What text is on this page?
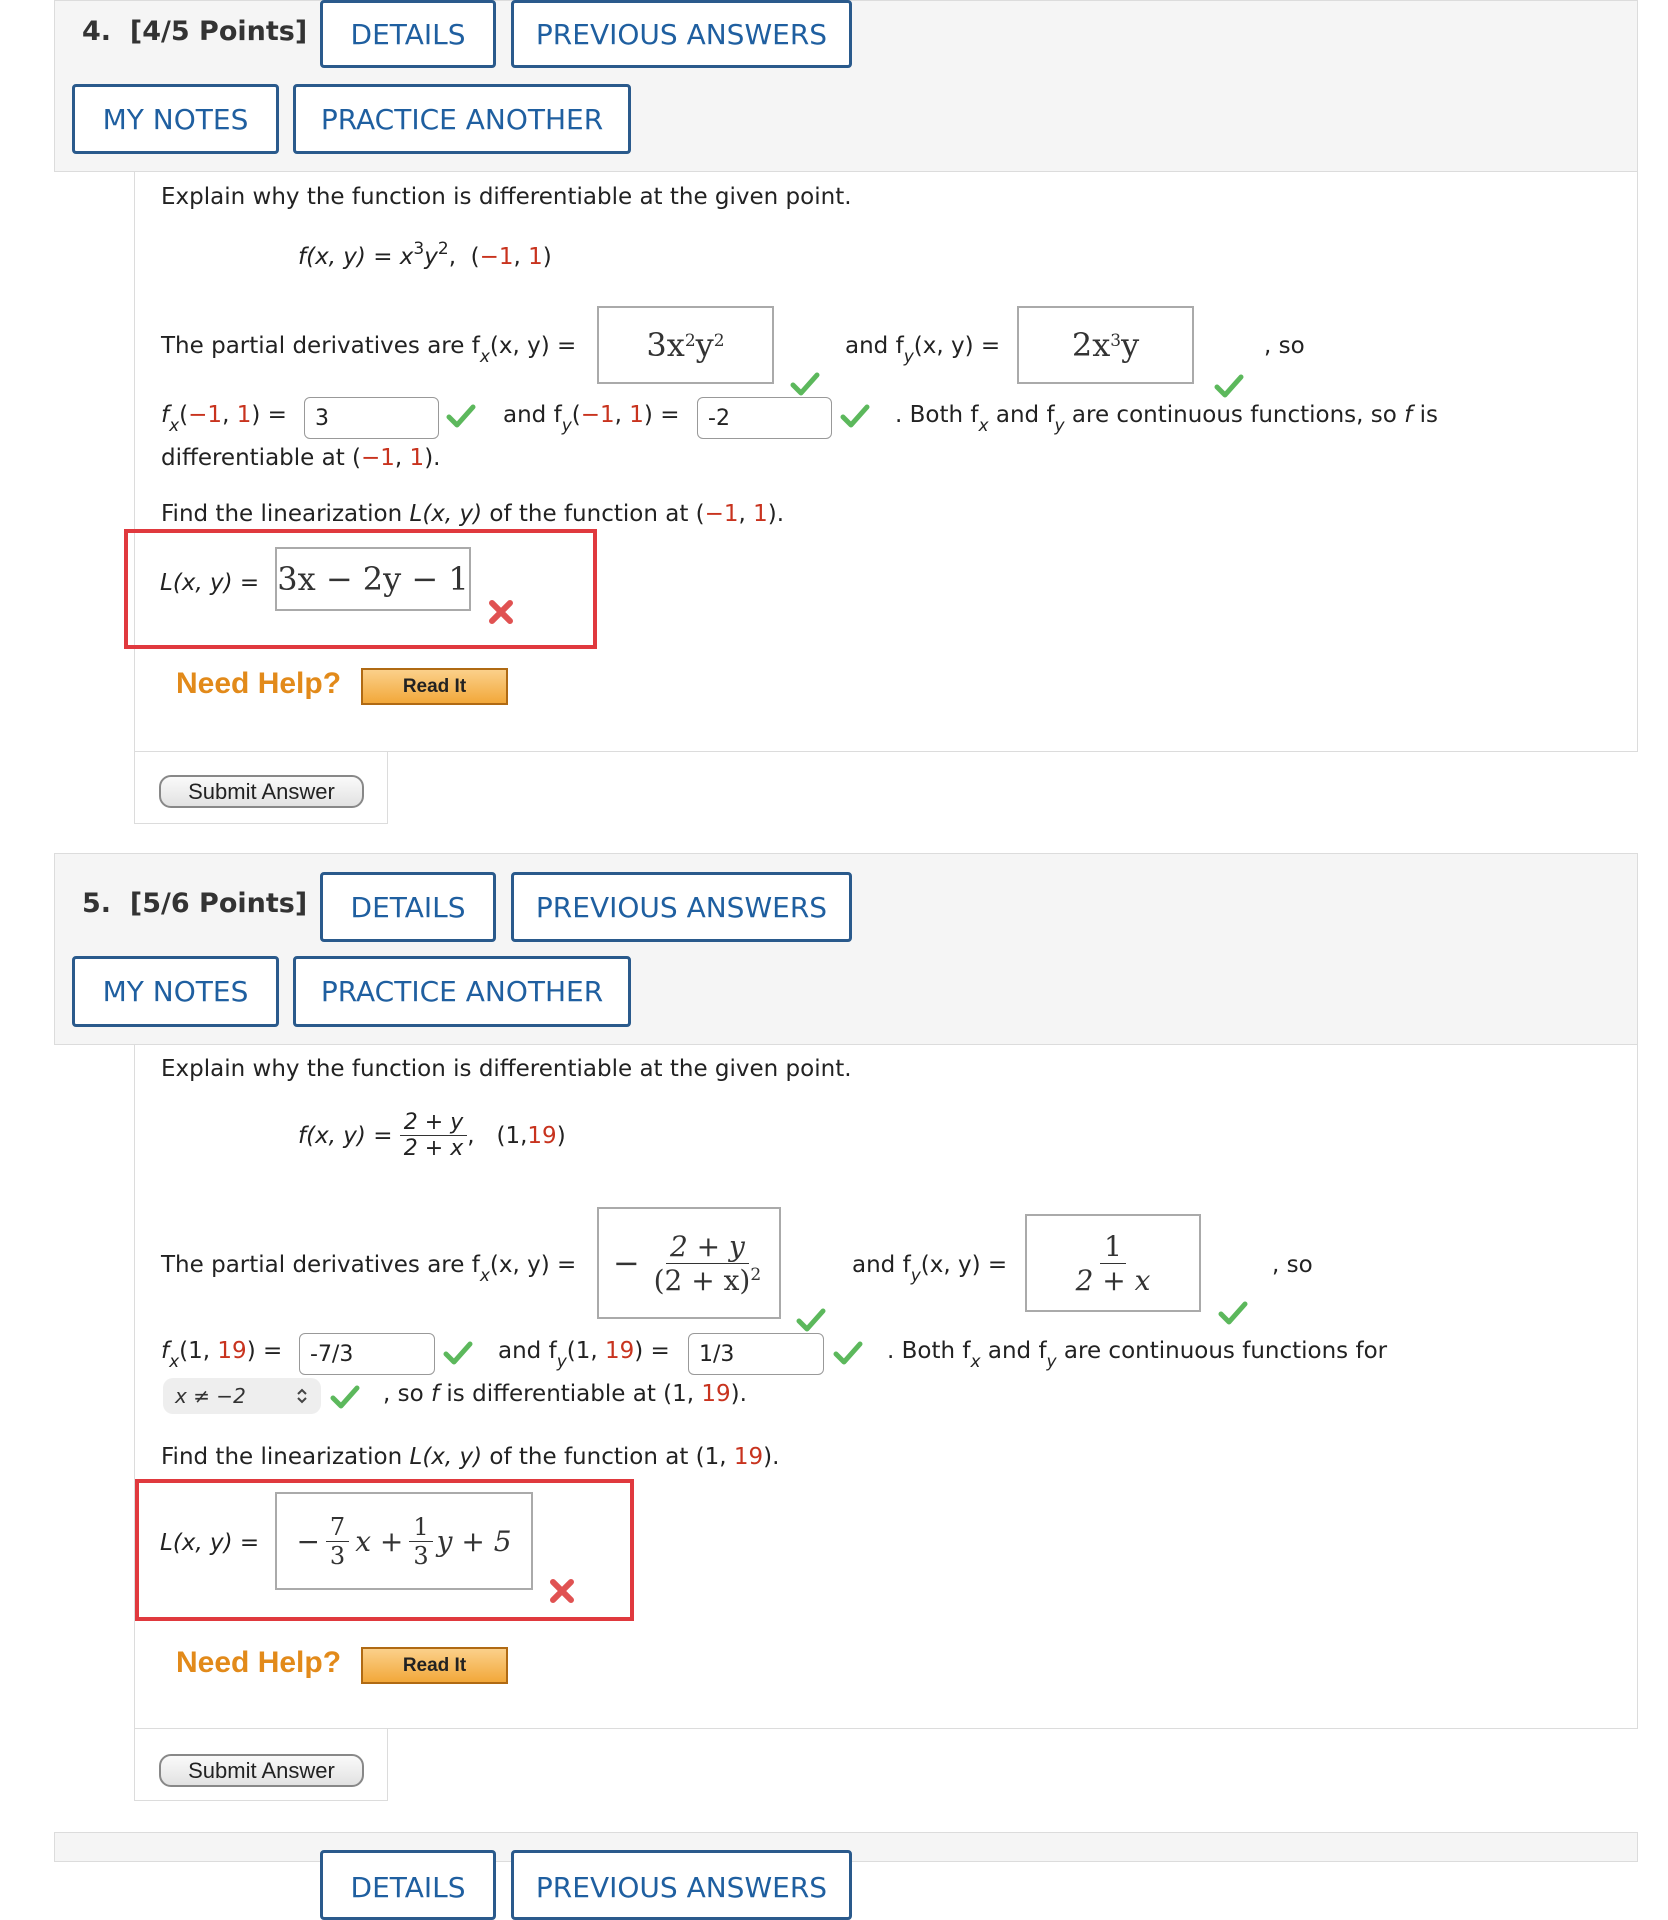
4. [4/5 Points]	DETAILS	PREVIOUS ANSWERS
MY NOTES	PRACTICE ANOTHER
Explain why the function is differentiable at the given point.
f(x, $y) = x^3y^2$, (−1, 1)
The partial derivatives are $f_x(x$, $y) = 3x^2y^2$	and $f_y(x$, $y) = 2x^3y$	, so
$f_x(-1$, 1) =	3	and $f_y(-1$, 1) =	-2	. Both $f_x$ and $f_y$ are continuous functions, so f is
differentiable at (−1, 1).
Find the linearization L(x, y) of the function at (−1, 1).
L(x, y) = 3x − 2y − 1
Need Help?	Read It
Submit Answer
5. [5/6 Points]	DETAILS	PREVIOUS ANSWERS
MY NOTES	PRACTICE ANOTHER
Explain why the function is differentiable at the given point.
f(x, y) =
$\frac{2 + y}{2 + x}$ ,
(1, 19 )
The partial derivatives are $f_x(x$, y) = − $\frac{2 + y}{(2 + x)^2}$	and $f_y(x$, $y) = \frac{1}{2 + x}$	, so
$f_x(1$, 19) =	-7/3	and $f_y(1$, 19) =	1/3	. Both $f_x$ and $f_y$ are continuous functions for
x ≠ −2	, so f is differentiable at (1, 19).
Find the linearization L(x, y) of the function at (1, 19).
L(x, y) = − $\frac{7}{3}$ $x + \frac{1}{3}$ y + 5
Need Help?	Read It
Submit Answer
DETAILS	PREVIOUS ANSWERS
